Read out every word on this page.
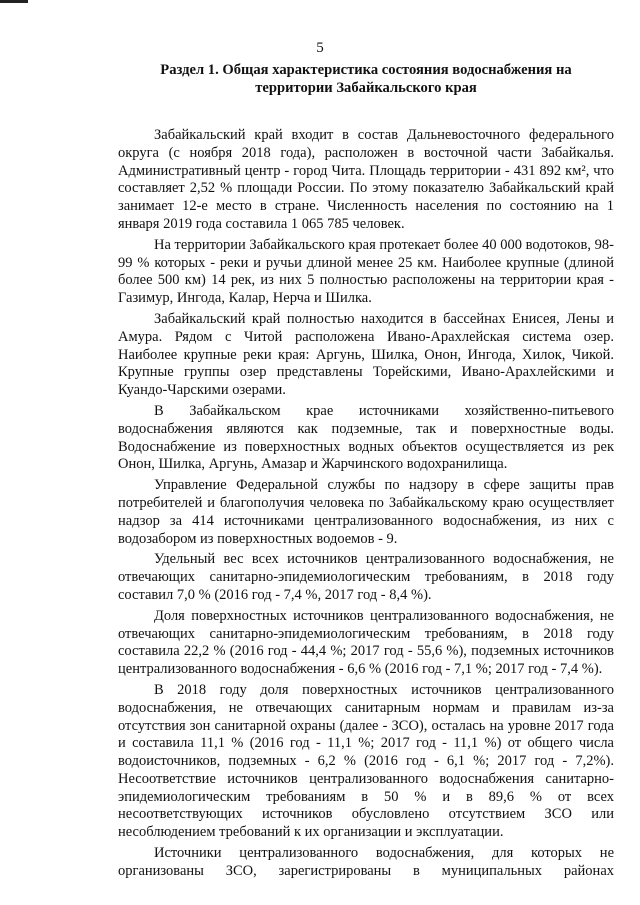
5
Раздел 1. Общая характеристика состояния водоснабжения на
территории Забайкальского края

Забайкальский край входит в состав Дальневосточного федерального округа (с ноября 2018 года), расположен в восточной части Забайкалья. Административный центр - город Чита. Площадь территории - 431 892 км², что составляет 2,52 % площади России. По этому показателю Забайкальский край занимает 12-е место в стране. Численность населения по состоянию на 1 января 2019 года составила 1 065 785 человек.

На территории Забайкальского края протекает более 40 000 водотоков, 98-99 % которых - реки и ручьи длиной менее 25 км. Наиболее крупные (длиной более 500 км) 14 рек, из них 5 полностью расположены на территории края - Газимур, Ингода, Калар, Нерча и Шилка.

Забайкальский край полностью находится в бассейнах Енисея, Лены и Амура. Рядом с Читой расположена Ивано-Арахлейская система озер. Наиболее крупные реки края: Аргунь, Шилка, Онон, Ингода, Хилок, Чикой. Крупные группы озер представлены Торейскими, Ивано-Арахлейскими и Куандо-Чарскими озерами.

В Забайкальском крае источниками хозяйственно-питьевого водоснабжения являются как подземные, так и поверхностные воды. Водоснабжение из поверхностных водных объектов осуществляется из рек Онон, Шилка, Аргунь, Амазар и Жарчинского водохранилища.

Управление Федеральной службы по надзору в сфере защиты прав потребителей и благополучия человека по Забайкальскому краю осуществляет надзор за 414 источниками централизованного водоснабжения, из них с водозабором из поверхностных водоемов - 9.

Удельный вес всех источников централизованного водоснабжения, не отвечающих санитарно-эпидемиологическим требованиям, в 2018 году составил 7,0 % (2016 год - 7,4 %, 2017 год - 8,4 %).

Доля поверхностных источников централизованного водоснабжения, не отвечающих санитарно-эпидемиологическим требованиям, в 2018 году составила 22,2 % (2016 год - 44,4 %; 2017 год - 55,6 %), подземных источников централизованного водоснабжения - 6,6 % (2016 год - 7,1 %; 2017 год - 7,4 %).

В 2018 году доля поверхностных источников централизованного водоснабжения, не отвечающих санитарным нормам и правилам из-за отсутствия зон санитарной охраны (далее - ЗСО), осталась на уровне 2017 года и составила 11,1 % (2016 год - 11,1 %; 2017 год - 11,1 %) от общего числа водоисточников, подземных - 6,2 % (2016 год - 6,1 %; 2017 год - 7,2%). Несоответствие источников централизованного водоснабжения санитарно-эпидемиологическим требованиям в 50 % и в 89,6 % от всех несоответствующих источников обусловлено отсутствием ЗСО или несоблюдением требований к их организации и эксплуатации.

Источники централизованного водоснабжения, для которых не организованы ЗСО, зарегистрированы в муниципальных районах
